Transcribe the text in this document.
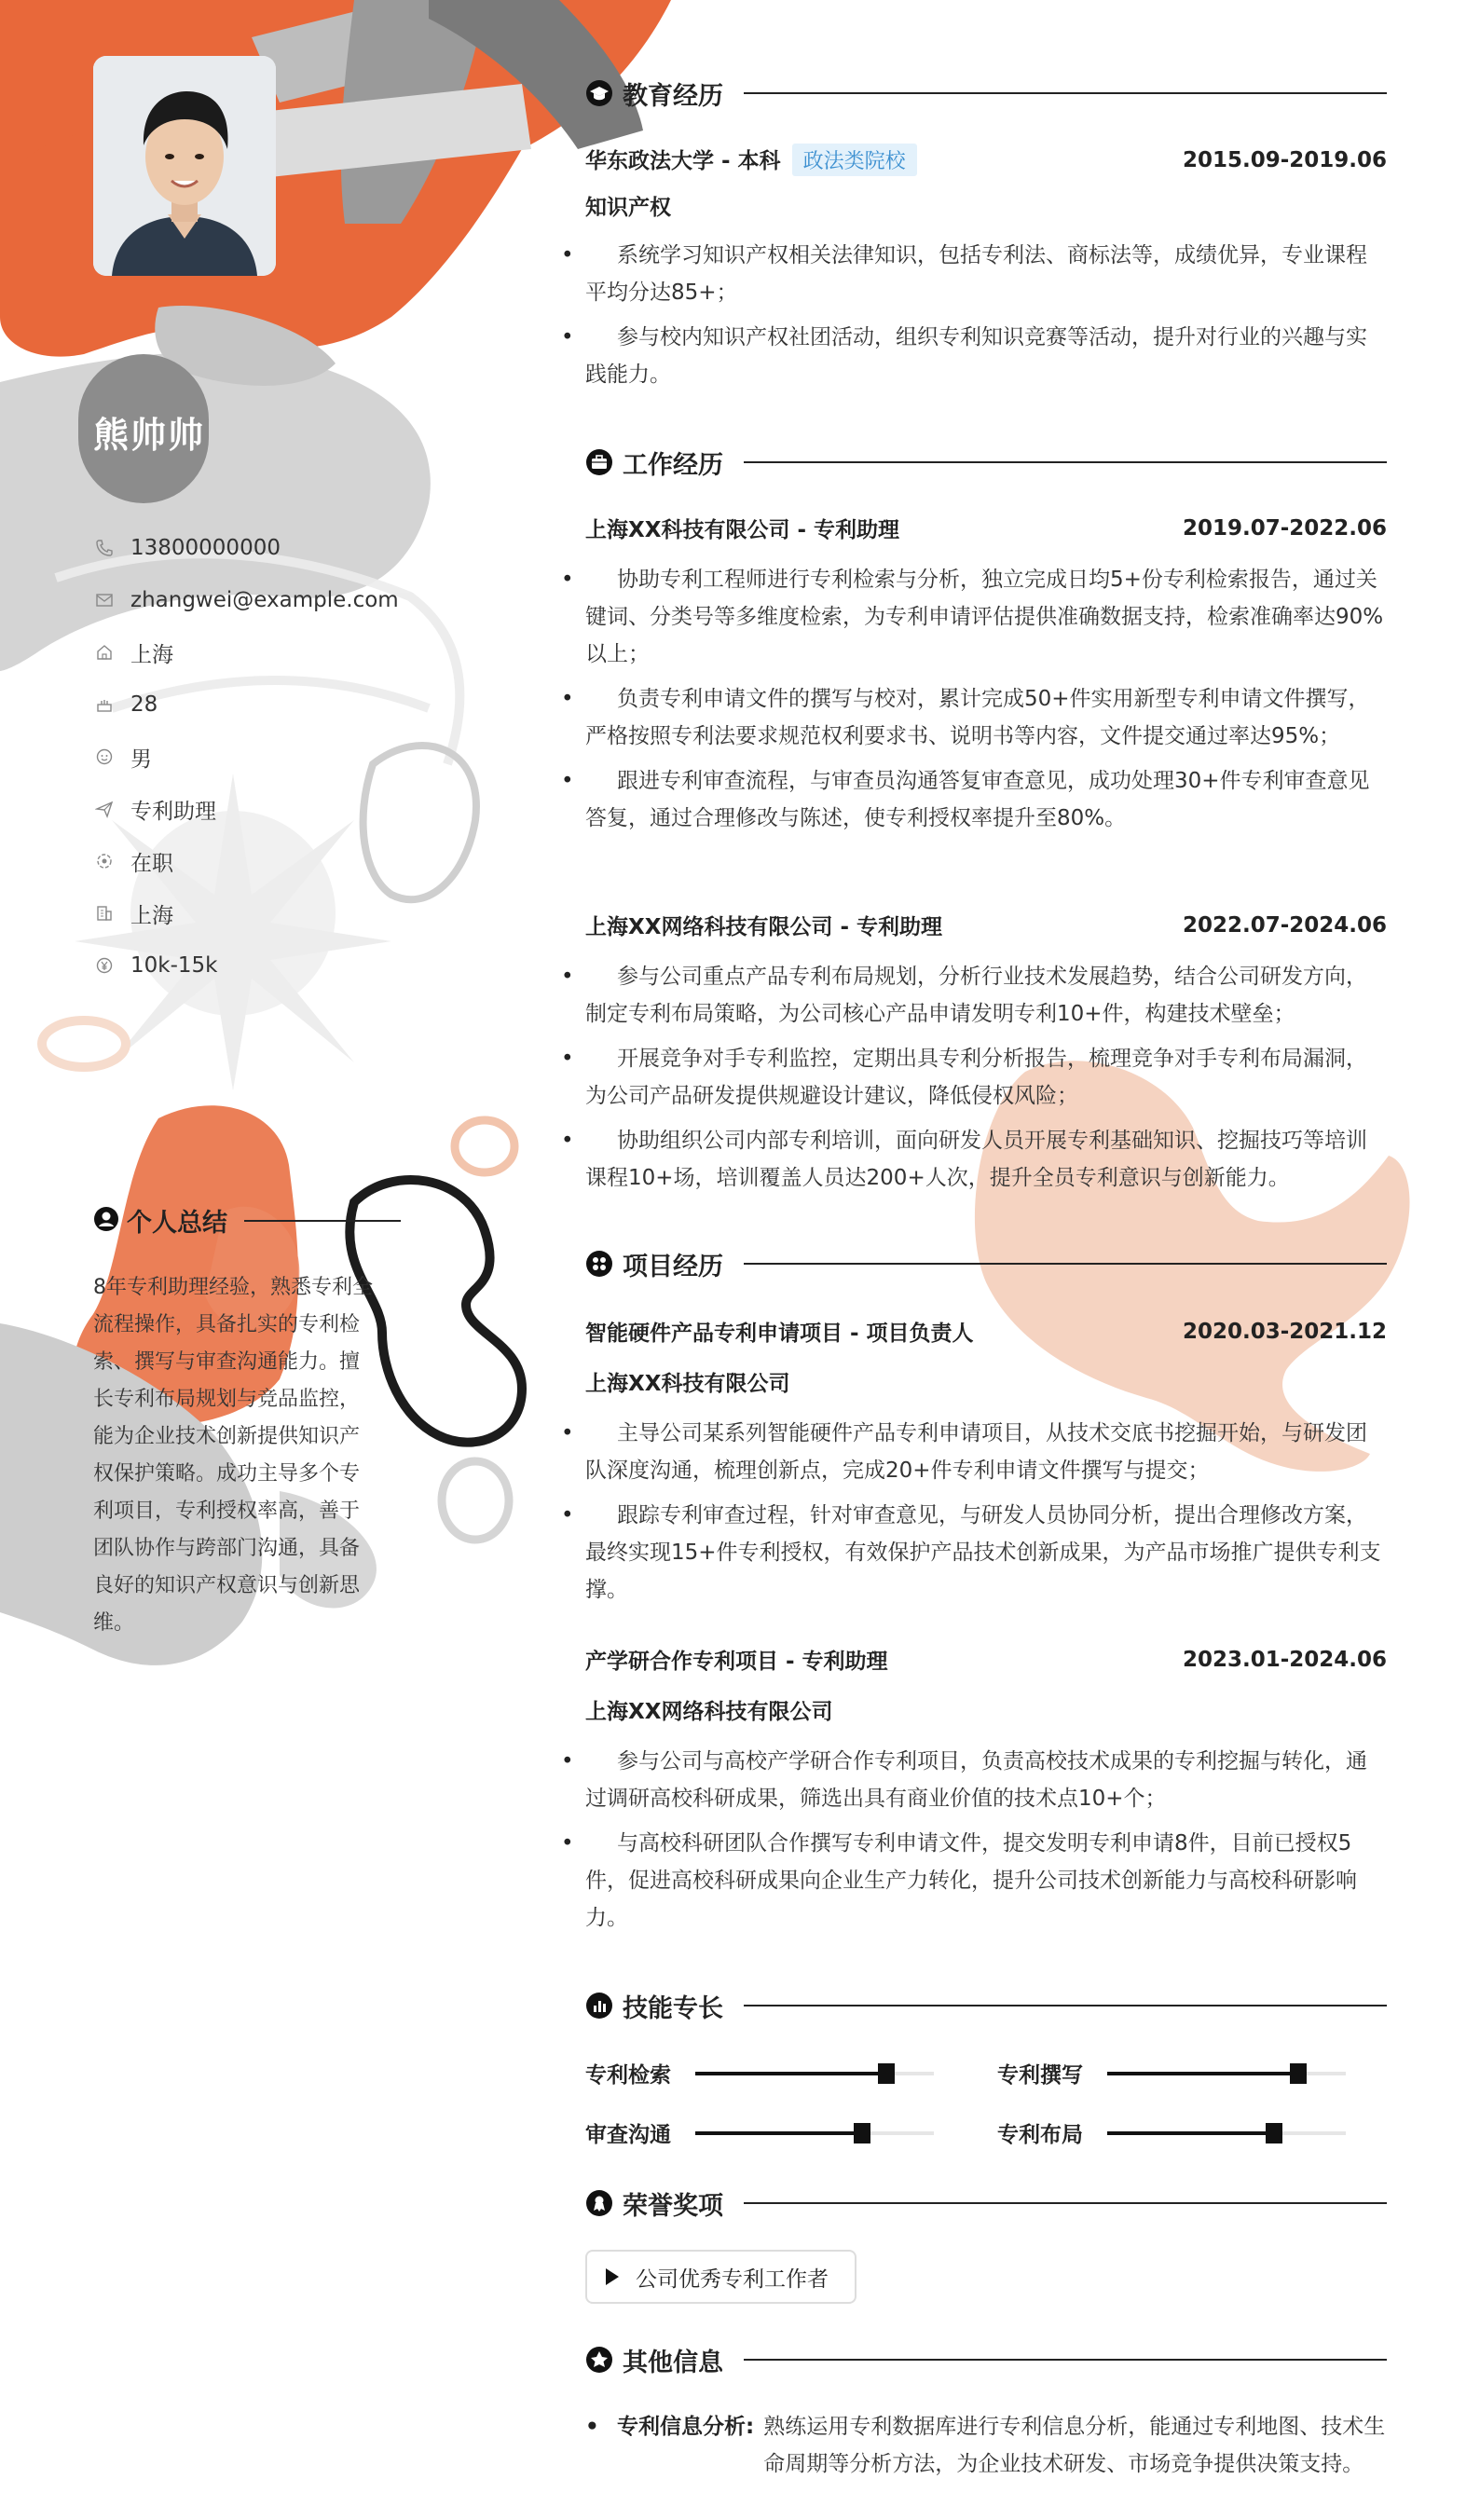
熊帅帅
13800000000
zhangwei@example.com
上海
28
男
专利助理
在职
上海
10k-15k
个人总结
8年专利助理经验，熟悉专利全
流程操作，具备扎实的专利检
索、撰写与审查沟通能力。擅
长专利布局规划与竞品监控，
能为企业技术创新提供知识产
权保护策略。成功主导多个专
利项目，专利授权率高，善于
团队协作与跨部门沟通，具备
良好的知识产权意识与创新思
维。
教育经历
华东政法大学 - 本科 政法类院校	2015.09-2019.06
知识产权
• 系统学习知识产权相关法律知识，包括专利法、商标法等，成绩优异，专业课程平均分达85+；
• 参与校内知识产权社团活动，组织专利知识竞赛等活动，提升对行业的兴趣与实践能力。
工作经历
上海XX科技有限公司 - 专利助理	2019.07-2022.06
• 协助专利工程师进行专利检索与分析，独立完成日均5+份专利检索报告，通过关键词、分类号等多维度检索，为专利申请评估提供准确数据支持，检索准确率达90%以上；
• 负责专利申请文件的撰写与校对，累计完成50+件实用新型专利申请文件撰写，严格按照专利法要求规范权利要求书、说明书等内容，文件提交通过率达95%；
• 跟进专利审查流程，与审查员沟通答复审查意见，成功处理30+件专利审查意见答复，通过合理修改与陈述，使专利授权率提升至80%。
上海XX网络科技有限公司 - 专利助理	2022.07-2024.06
• 参与公司重点产品专利布局规划，分析行业技术发展趋势，结合公司研发方向，制定专利布局策略，为公司核心产品申请发明专利10+件，构建技术壁垒；
• 开展竞争对手专利监控，定期出具专利分析报告，梳理竞争对手专利布局漏洞，为公司产品研发提供规避设计建议，降低侵权风险；
• 协助组织公司内部专利培训，面向研发人员开展专利基础知识、挖掘技巧等培训课程10+场，培训覆盖人员达200+人次，提升全员专利意识与创新能力。
项目经历
智能硬件产品专利申请项目 - 项目负责人	2020.03-2021.12
上海XX科技有限公司
• 主导公司某系列智能硬件产品专利申请项目，从技术交底书挖掘开始，与研发团队深度沟通，梳理创新点，完成20+件专利申请文件撰写与提交；
• 跟踪专利审查过程，针对审查意见，与研发人员协同分析，提出合理修改方案，最终实现15+件专利授权，有效保护产品技术创新成果，为产品市场推广提供专利支撑。
产学研合作专利项目 - 专利助理	2023.01-2024.06
上海XX网络科技有限公司
• 参与公司与高校产学研合作专利项目，负责高校技术成果的专利挖掘与转化，通过调研高校科研成果，筛选出具有商业价值的技术点10+个；
• 与高校科研团队合作撰写专利申请文件，提交发明专利申请8件，目前已授权5件，促进高校科研成果向企业生产力转化，提升公司技术创新能力与高校科研影响力。
技能专长
专利检索	专利撰写
审查沟通	专利布局
荣誉奖项
公司优秀专利工作者
其他信息
• 专利信息分析: 熟练运用专利数据库进行专利信息分析，能通过专利地图、技术生命周期等分析方法，为企业技术研发、市场竞争提供决策支持。
